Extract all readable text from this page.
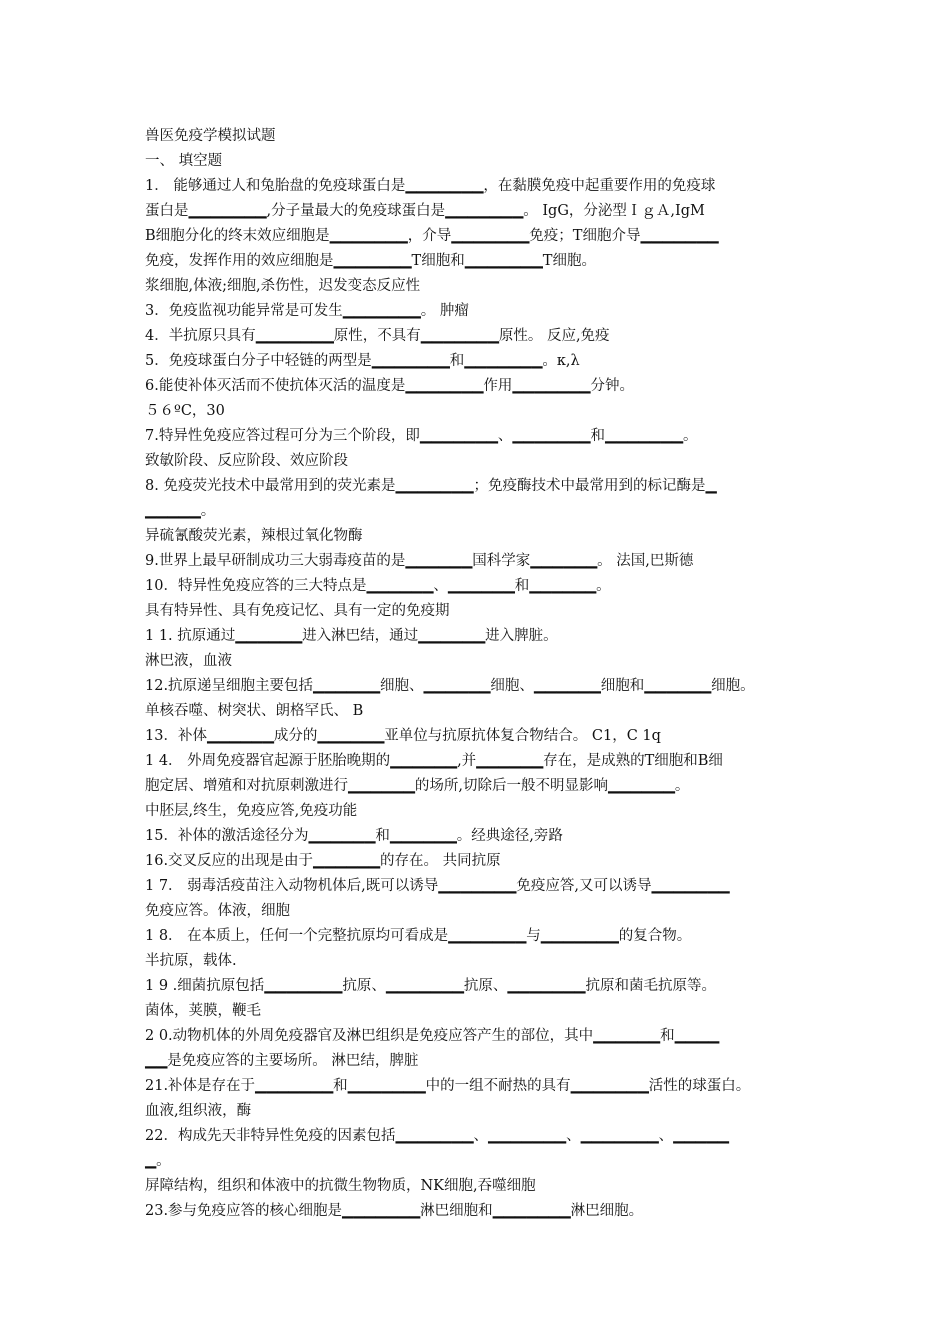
兽医免疫学模拟试题
一、 填空题
1． 能够通过人和兔胎盘的免疫球蛋白是▁▁▁▁▁▁▁，在黏膜免疫中起重要作用的免疫球
蛋白是▁▁▁▁▁▁▁,分子量最大的免疫球蛋白是▁▁▁▁▁▁▁。 IgG，分泌型ＩｇＡ,IgM
B细胞分化的终末效应细胞是▁▁▁▁▁▁▁，介导▁▁▁▁▁▁▁免疫；T细胞介导▁▁▁▁▁▁▁
免疫，发挥作用的效应细胞是▁▁▁▁▁▁▁T细胞和▁▁▁▁▁▁▁T细胞。
浆细胞,体液;细胞,杀伤性，迟发变态反应性
3．免疫监视功能异常是可发生▁▁▁▁▁▁▁。 肿瘤
4．半抗原只具有▁▁▁▁▁▁▁原性，不具有▁▁▁▁▁▁▁原性。 反应,免疫
5．免疫球蛋白分子中轻链的两型是▁▁▁▁▁▁▁和▁▁▁▁▁▁▁。κ,λ
6.能使补体灭活而不使抗体灭活的温度是▁▁▁▁▁▁▁作用▁▁▁▁▁▁▁分钟。
５６ºC，30
7.特异性免疫应答过程可分为三个阶段，即▁▁▁▁▁▁▁、▁▁▁▁▁▁▁和▁▁▁▁▁▁▁。
致敏阶段、反应阶段、效应阶段
8. 免疫荧光技术中最常用到的荧光素是▁▁▁▁▁▁▁；免疫酶技术中最常用到的标记酶是▁
▁▁▁▁▁。
异硫氰酸荧光素，辣根过氧化物酶
9.世界上最早研制成功三大弱毒疫苗的是▁▁▁▁▁▁国科学家▁▁▁▁▁▁。 法国,巴斯德
10．特异性免疫应答的三大特点是▁▁▁▁▁▁、▁▁▁▁▁▁和▁▁▁▁▁▁。
具有特异性、具有免疫记忆、具有一定的免疫期
1 1. 抗原通过▁▁▁▁▁▁进入淋巴结，通过▁▁▁▁▁▁进入脾脏。
淋巴液，血液
12.抗原递呈细胞主要包括▁▁▁▁▁▁细胞、▁▁▁▁▁▁细胞、▁▁▁▁▁▁细胞和▁▁▁▁▁▁细胞。
单核吞噬、树突状、朗格罕氏、 B
13．补体▁▁▁▁▁▁成分的▁▁▁▁▁▁亚单位与抗原抗体复合物结合。 C1，C 1q
1 4． 外周免疫器官起源于胚胎晚期的▁▁▁▁▁▁,并▁▁▁▁▁▁存在，是成熟的T细胞和B细
胞定居、增殖和对抗原刺激进行▁▁▁▁▁▁的场所,切除后一般不明显影响▁▁▁▁▁▁。
中胚层,终生，免疫应答,免疫功能
15．补体的激活途径分为▁▁▁▁▁▁和▁▁▁▁▁▁。经典途径,旁路
16.交叉反应的出现是由于▁▁▁▁▁▁的存在。 共同抗原
1 7． 弱毒活疫苗注入动物机体后,既可以诱导▁▁▁▁▁▁▁免疫应答,又可以诱导▁▁▁▁▁▁▁
免疫应答。体液，细胞
1 8． 在本质上，任何一个完整抗原均可看成是▁▁▁▁▁▁▁与▁▁▁▁▁▁▁的复合物。
半抗原，载体.
1 9 .细菌抗原包括▁▁▁▁▁▁▁抗原、▁▁▁▁▁▁▁抗原、▁▁▁▁▁▁▁抗原和菌毛抗原等。
菌体，荚膜，鞭毛
2 0.动物机体的外周免疫器官及淋巴组织是免疫应答产生的部位，其中▁▁▁▁▁▁和▁▁▁▁
▁▁是免疫应答的主要场所。 淋巴结，脾脏
21.补体是存在于▁▁▁▁▁▁▁和▁▁▁▁▁▁▁中的一组不耐热的具有▁▁▁▁▁▁▁活性的球蛋白。
血液,组织液，酶
22．构成先天非特异性免疫的因素包括▁▁▁▁▁▁▁、▁▁▁▁▁▁▁、▁▁▁▁▁▁▁、▁▁▁▁▁
▁。
屏障结构，组织和体液中的抗微生物物质，NK细胞,吞噬细胞
23.参与免疫应答的核心细胞是▁▁▁▁▁▁▁淋巴细胞和▁▁▁▁▁▁▁淋巴细胞。
